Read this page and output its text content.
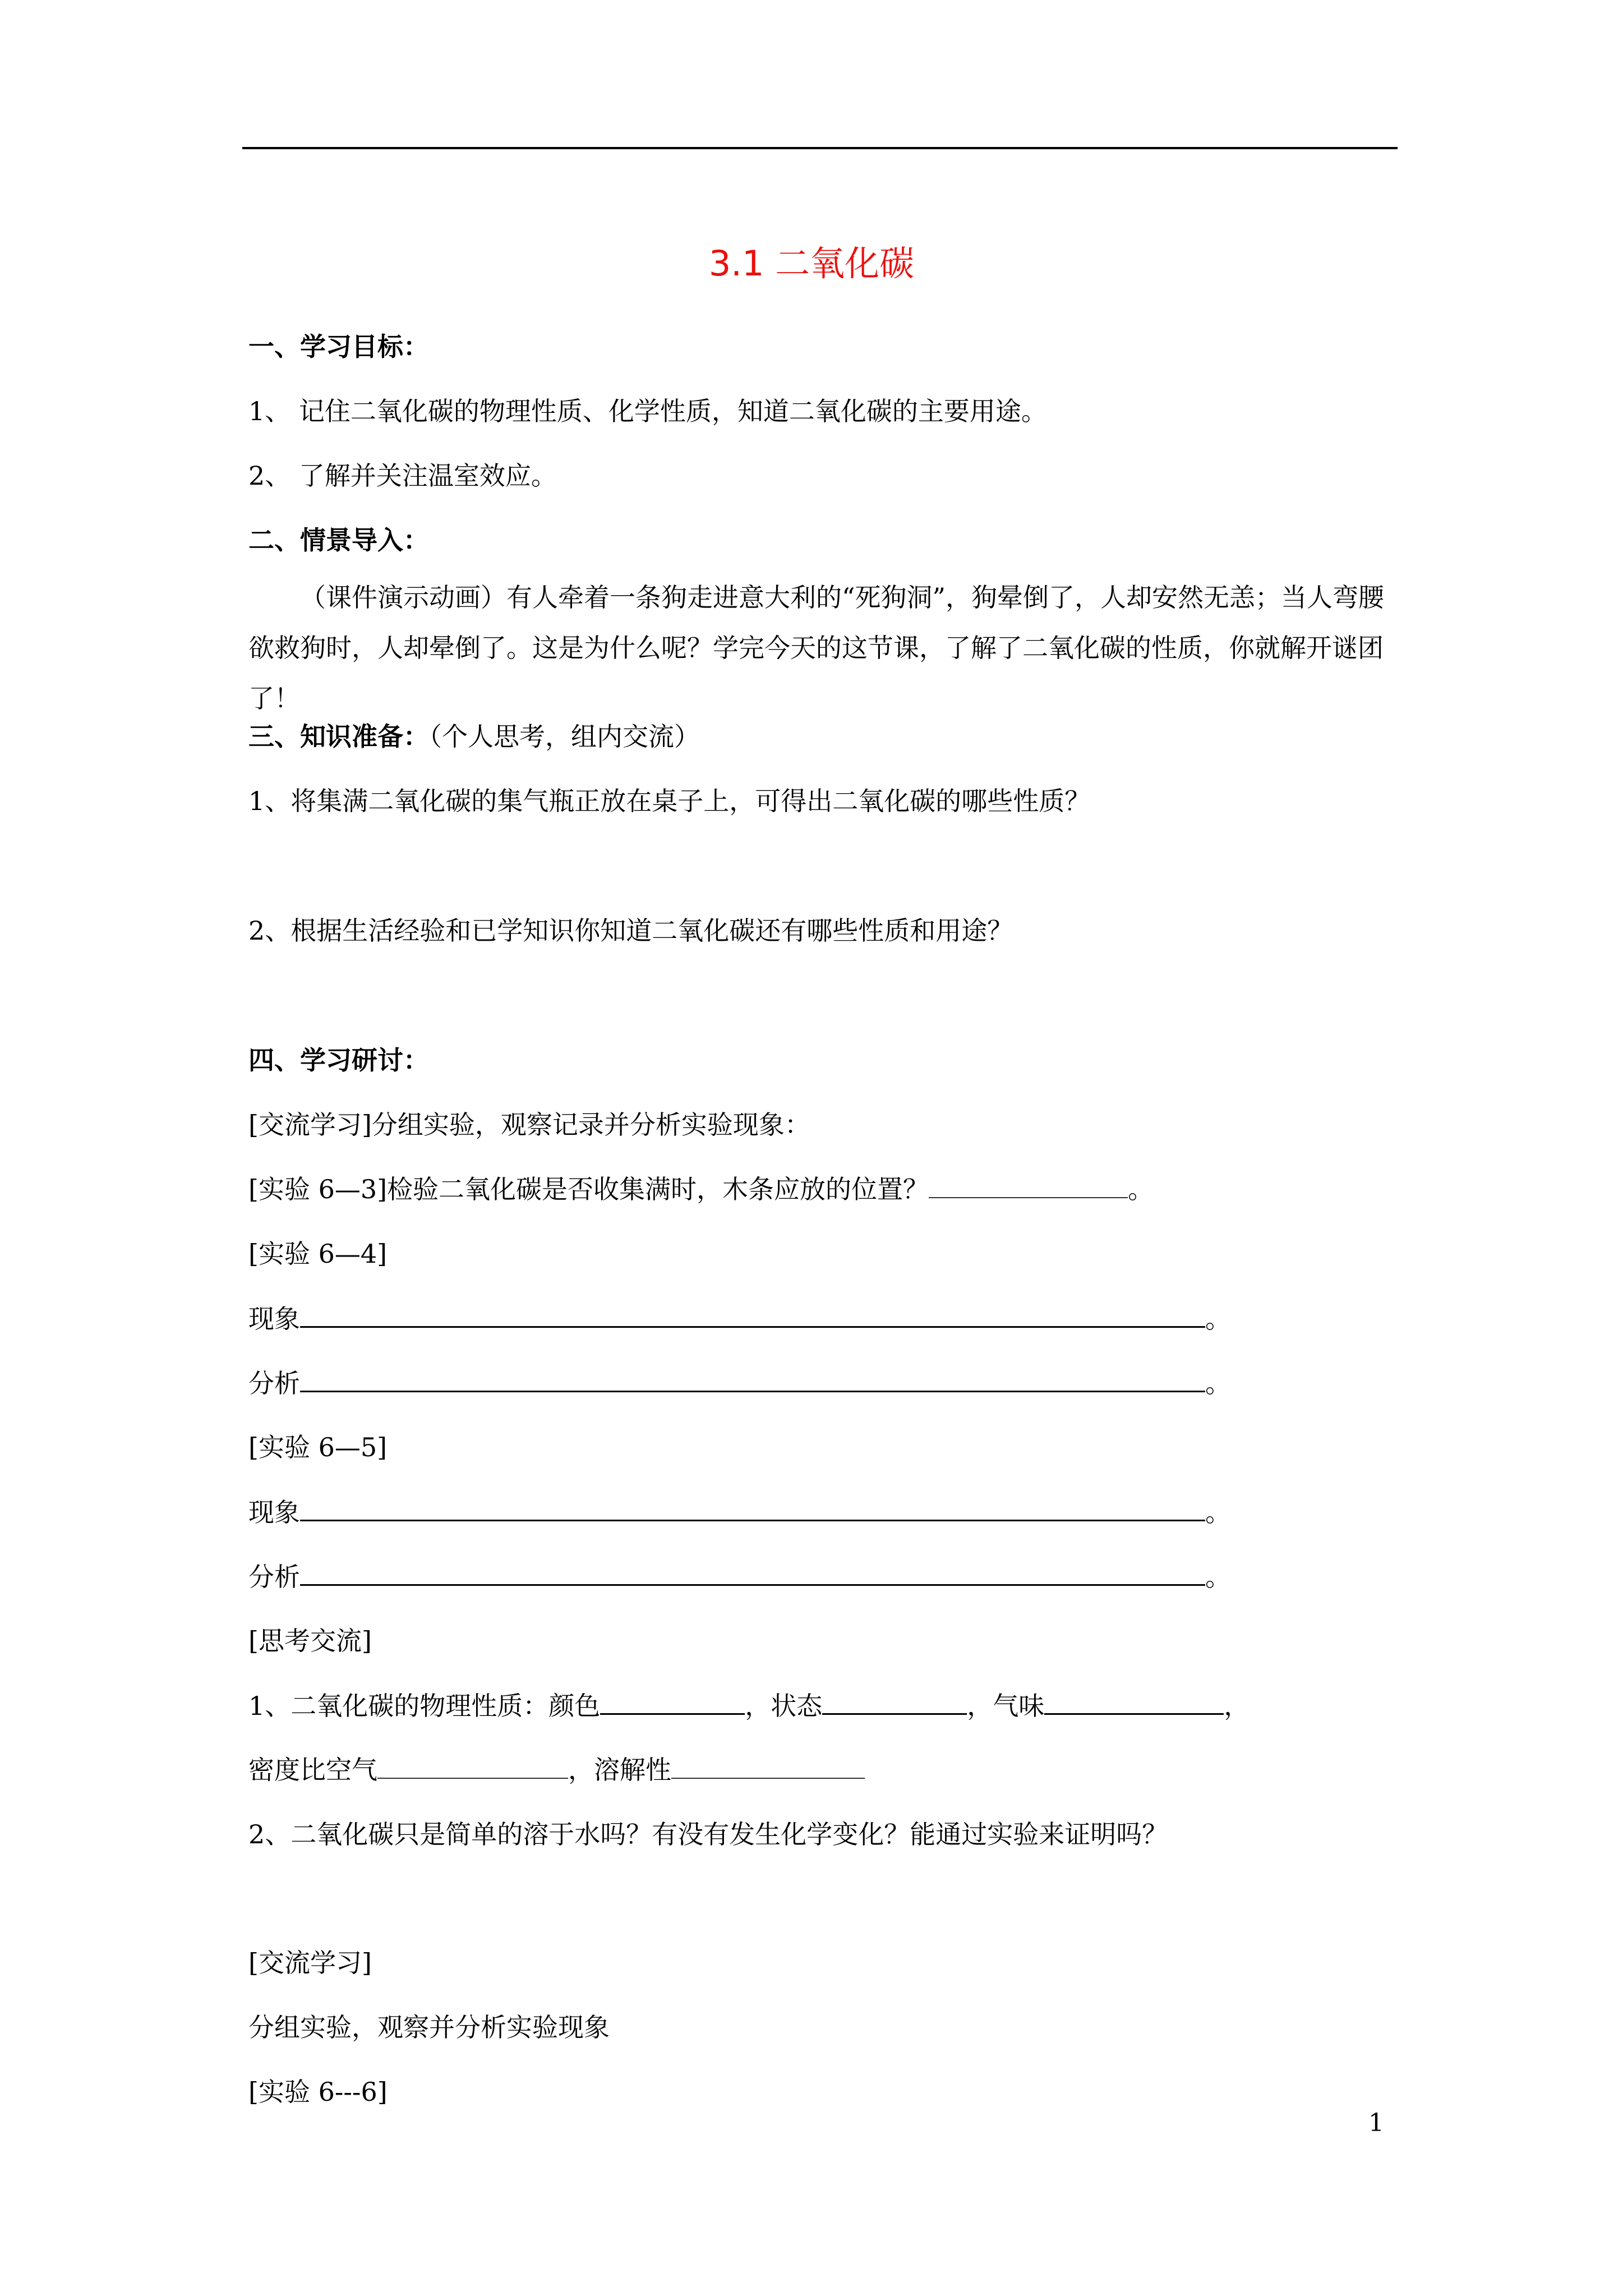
3.1 二氧化碳
一、学习目标：
1、 记住二氧化碳的物理性质、化学性质，知道二氧化碳的主要用途。
2、 了解并关注温室效应。
二、情景导入：
（课件演示动画）有人牵着一条狗走进意大利的“死狗洞”，狗晕倒了，人却安然无恙；当人弯腰欲救狗时，人却晕倒了。这是为什么呢？学完今天的这节课，了解了二氧化碳的性质，你就解开谜团了！
三、知识准备：（个人思考，组内交流）
1、将集满二氧化碳的集气瓶正放在桌子上，可得出二氧化碳的哪些性质？
2、根据生活经验和已学知识你知道二氧化碳还有哪些性质和用途？
四、学习研讨：
[交流学习]分组实验，观察记录并分析实验现象：
[实验 6—3]检验二氧化碳是否收集满时，木条应放的位置？	。
[实验 6—4]
现象	。
分析	。
[实验 6—5]
现象	。
分析	。
[思考交流]
1、二氧化碳的物理性质：颜色	，状态	，气味	，
密度比空气	，溶解性
2、二氧化碳只是简单的溶于水吗？有没有发生化学变化？能通过实验来证明吗？
[交流学习]
分组实验，观察并分析实验现象
[实验 6---6]
1
